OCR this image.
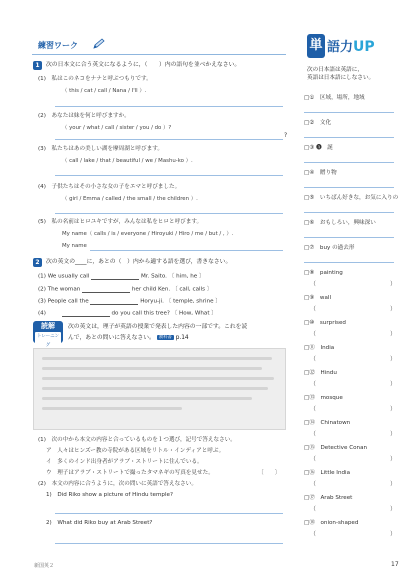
練習ワーク
1	次の日本文に合う英文になるように，（　　）内の語句を並べかえなさい。
(1)　私はこのネコをナナと呼ぶつもりです。
（ this / cat / call / Nana / I'll ）.
(2)　あなたは妹を何と呼びますか。
（ your / what / call / sister / you / do ）?
?
(3)　私たちはあの美しい湖を摩周湖と呼びます。
（ call / lake / that / beautiful / we / Mashu-ko ）.
(4)　子供たちはその小さな女の子をエマと呼びました。
（ girl / Emma / called / the small / the children ）.
(5)　私の名前はヒロユキですが，みんなは私をヒロと呼びます。
My name（ calls / is / everyone / Hiroyuki / Hiro / me / but / , ）.
My name
2	次の英文の____に，あとの（　）内から適する語を選び，書きなさい。
(1) We usually call	Mr. Saito. 〔 him, he 〕
(2) The woman	her child Ken. 〔 call, calls 〕
(3) People call the	Horyu-ji. 〔 temple, shrine 〕
(4)	do you call this tree? 〔 How, What 〕
読解
トレーニング
次の英文は，理子が英語の授業で発表した内容の一部です。これを読
んで，あとの問いに答えなさい。 教科書 p.14
(1)　次の中から本文の内容と合っているものを１つ選び，記号で答えなさい。
ア　人々はヒンズー教の寺院がある区域をリトル・インディアと呼ぶ。
イ　多くのインド出身者がアラブ・ストリートに住んでいる。
ウ　理子はアラブ・ストリートで撮ったタマネギの写真を見せた。	〔　　〕
(2)　本文の内容に合うように，次の問いに英語で答えなさい。
1)　Did Riko show a picture of Hindu temple?
2)　What did Riko buy at Arab Street?
新国英２
単 語力UP
次の日本語は英語に，
英語は日本語にしなさい。
□①　区域，場所，地域
□②　文化
□③ 🅐　誕
□④　贈り物
□⑤　いちばん好きな，お気に入りの
□⑥　おもしろい，興味深い
□⑦　buy の過去形
□⑧　painting
（	）
□⑨　wall
（	）
□⑩　surprised
（	）
□⑪　India
（	）
□⑫　Hindu
（	）
□⑬　mosque
（	）
□⑭　Chinatown
（	）
□⑮　Detective Conan
（	）
□⑯　Little India
（	）
□⑰　Arab Street
（	）
□⑱　onion-shaped
（	）
17
